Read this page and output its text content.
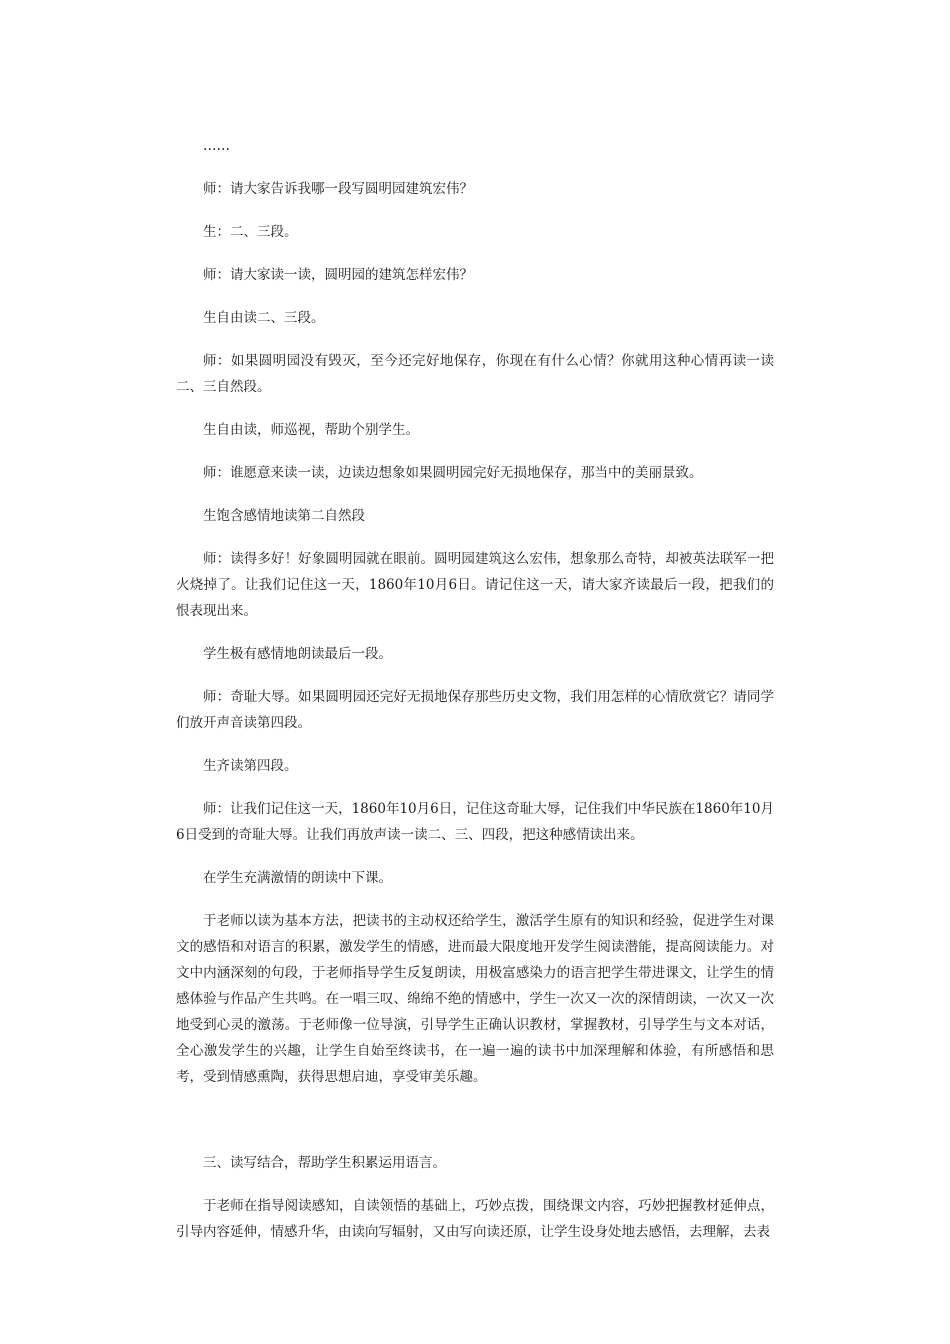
……

师：请大家告诉我哪一段写圆明园建筑宏伟？

生：二、三段。

师：请大家读一读，圆明园的建筑怎样宏伟？

生自由读二、三段。

师：如果圆明园没有毁灭，至今还完好地保存，你现在有什么心情？你就用这种心情再读一读二、三自然段。

生自由读，师巡视，帮助个别学生。

师：谁愿意来读一读，边读边想象如果圆明园完好无损地保存，那当中的美丽景致。

生饱含感情地读第二自然段

师：读得多好！好象圆明园就在眼前。圆明园建筑这么宏伟，想象那么奇特，却被英法联军一把火烧掉了。让我们记住这一天，1860年10月6日。请记住这一天，请大家齐读最后一段，把我们的恨表现出来。

学生极有感情地朗读最后一段。

师：奇耻大辱。如果圆明园还完好无损地保存那些历史文物，我们用怎样的心情欣赏它？请同学们放开声音读第四段。

生齐读第四段。

师：让我们记住这一天，1860年10月6日，记住这奇耻大辱，记住我们中华民族在1860年10月6日受到的奇耻大辱。让我们再放声读一读二、三、四段，把这种感情读出来。

在学生充满激情的朗读中下课。

于老师以读为基本方法，把读书的主动权还给学生，激活学生原有的知识和经验，促进学生对课文的感悟和对语言的积累，激发学生的情感，进而最大限度地开发学生阅读潜能，提高阅读能力。对文中内涵深刻的句段，于老师指导学生反复朗读，用极富感染力的语言把学生带进课文，让学生的情感体验与作品产生共鸣。在一唱三叹、绵绵不绝的情感中，学生一次又一次的深情朗读，一次又一次地受到心灵的激荡。于老师像一位导演，引导学生正确认识教材，掌握教材，引导学生与文本对话，全心激发学生的兴趣，让学生自始至终读书，在一遍一遍的读书中加深理解和体验，有所感悟和思考，受到情感熏陶，获得思想启迪，享受审美乐趣。

三、读写结合，帮助学生积累运用语言。

于老师在指导阅读感知，自读领悟的基础上，巧妙点拨，围绕课文内容，巧妙把握教材延伸点，引导内容延伸，情感升华，由读向写辐射，又由写向读还原，让学生设身处地去感悟，去理解，去表
